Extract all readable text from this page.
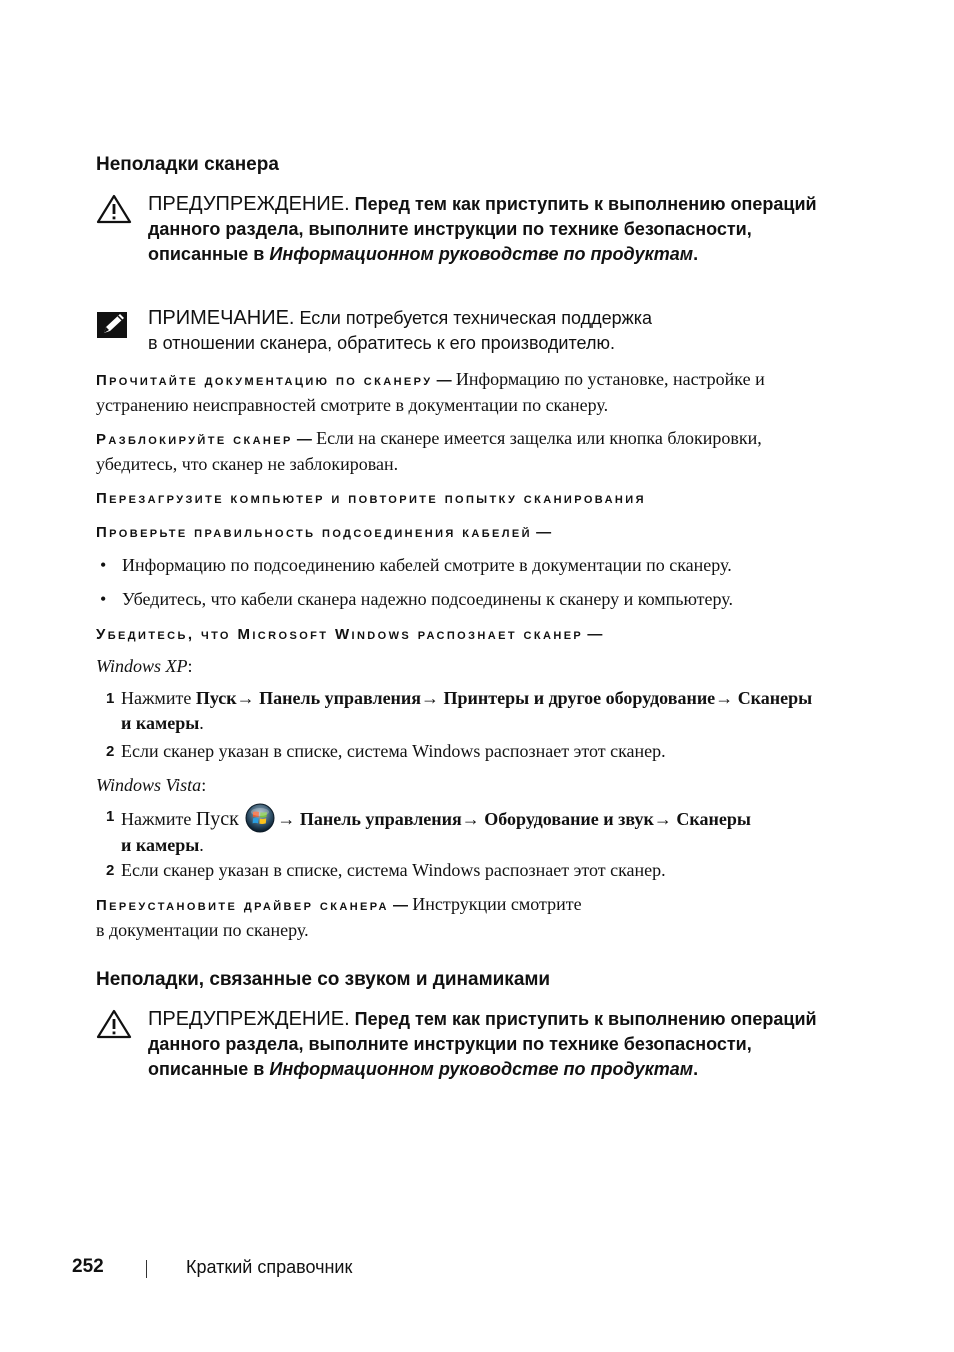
Неполадки сканера
ПРЕДУПРЕЖДЕНИЕ. Перед тем как приступить к выполнению операций данного раздела, выполните инструкции по технике безопасности, описанные в Информационном руководстве по продуктам.
ПРИМЕЧАНИЕ. Если потребуется техническая поддержка
в отношении сканера, обратитесь к его производителю.
Прочитайте документацию по сканеру — Информацию по установке, настройке и устранению неисправностей смотрите в документации по сканеру.
Разблокируйте сканер — Если на сканере имеется защелка или кнопка блокировки, убедитесь, что сканер не заблокирован.
Перезагрузите компьютер и повторите попытку сканирования
Проверьте правильность подсоединения кабелей —
• Информацию по подсоединению кабелей смотрите в документации по сканеру.
• Убедитесь, что кабели сканера надежно подсоединены к сканеру и компьютеру.
Убедитесь, что Microsoft Windows распознает сканер —
Windows XP:
1 Нажмите Пуск→ Панель управления→ Принтеры и другое оборудование→ Сканеры и камеры.
2 Если сканер указан в списке, система Windows распознает этот сканер.
Windows Vista:
1 Нажмите Пуск → Панель управления→ Оборудование и звук→ Сканеры
и камеры.
2 Если сканер указан в списке, система Windows распознает этот сканер.
Переустановите драйвер сканера — Инструкции смотрите
в документации по сканеру.
Неполадки, связанные со звуком и динамиками
ПРЕДУПРЕЖДЕНИЕ. Перед тем как приступить к выполнению операций данного раздела, выполните инструкции по технике безопасности, описанные в Информационном руководстве по продуктам.
252	Краткий справочник
